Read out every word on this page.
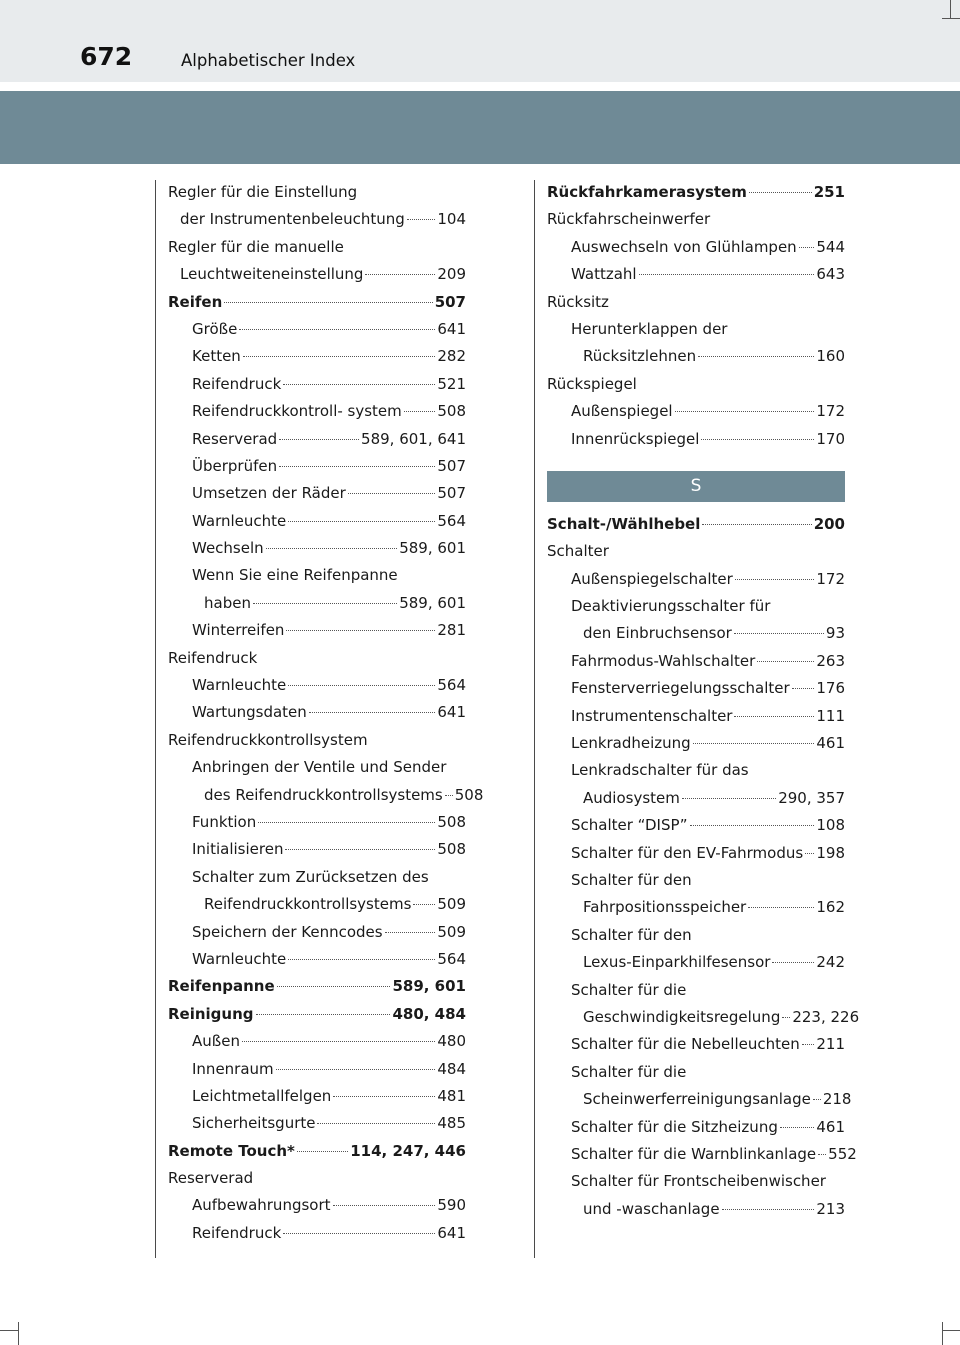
672	Alphabetischer Index
Regler für die Einstellung
der Instrumentenbeleuchtung 104
Regler für die manuelle
Leuchtweiteneinstellung	209
Reifen	507
Größe	641
Ketten	282
Reifendruck	521
Reifendruckkontroll- system 508
Reserverad	589, 601, 641
Überprüfen	507
Umsetzen der Räder	507
Warnleuchte	564
Wechseln	589, 601
Wenn Sie eine Reifenpanne
haben	589, 601
Winterreifen	281
Reifendruck
Warnleuchte	564
Wartungsdaten	641
Reifendruckkontrollsystem
Anbringen der Ventile und Sender
des Reifendruckkontrollsystems 508
Funktion	508
Initialisieren	508
Schalter zum Zurücksetzen des
Reifendruckkontrollsystems 509
Speichern der Kenncodes	509
Warnleuchte	564
Reifenpanne	589, 601
Reinigung	480, 484
Außen	480
Innenraum	484
Leichtmetallfelgen	481
Sicherheitsgurte	485
Remote Touch *	114, 247, 446
Reserverad
Aufbewahrungsort	590
Reifendruck	641
Rückfahrkamerasystem	251
Rückfahrscheinwerfer
Auswechseln von Glühlampen 544
Wattzahl	643
Rücksitz
Herunterklappen der
Rücksitzlehnen	160
Rückspiegel
Außenspiegel	172
Innenrückspiegel	170
S
Schalt-/Wählhebel	200
Schalter
Außenspiegelschalter	172
Deaktivierungsschalter für
den Einbruchsensor	93
Fahrmodus-Wahlschalter	263
Fensterverriegelungsschalter 176
Instrumentenschalter	111
Lenkradheizung	461
Lenkradschalter für das
Audiosystem	290, 357
Schalter “DISP”	108
Schalter für den EV-Fahrmodus 198
Schalter für den
Fahrpositionsspeicher	162
Schalter für den
Lexus-Einparkhilfesensor	242
Schalter für die
Geschwindigkeitsregelung 223, 226
Schalter für die Nebelleuchten 211
Schalter für die
Scheinwerferreinigungsanlage 218
Schalter für die Sitzheizung	461
Schalter für die Warnblinkanlage 552
Schalter für Frontscheibenwischer
und -waschanlage	213
